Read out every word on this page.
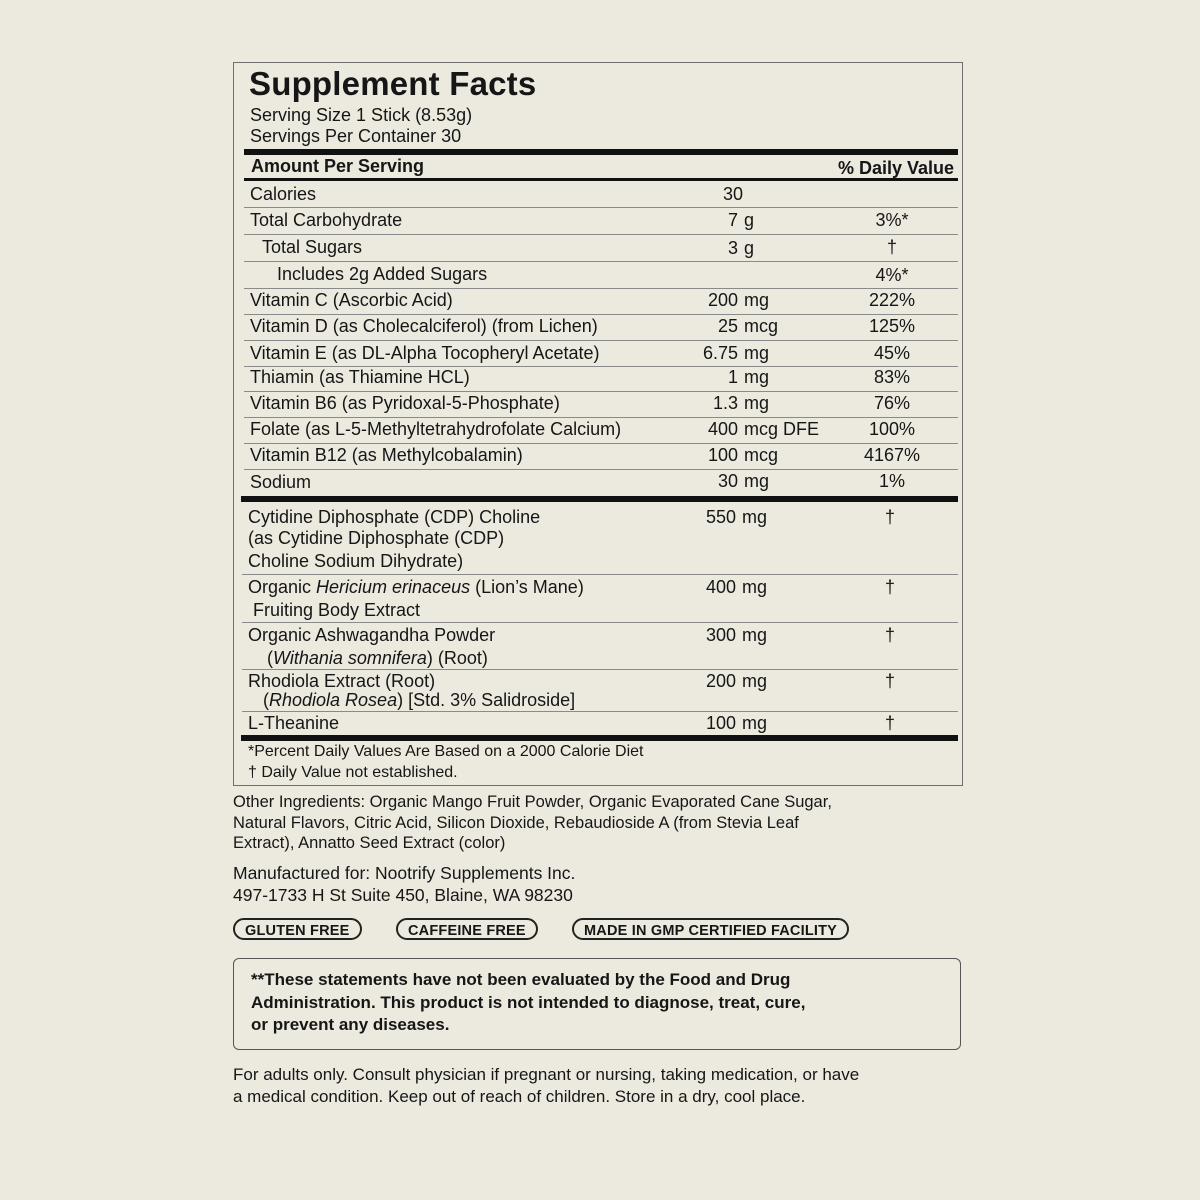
Supplement Facts
Serving Size 1 Stick (8.53g)
Servings Per Container 30
Amount Per Serving	% Daily Value
Calories	30
Total Carbohydrate	7 g	3%*
Total Sugars	3 g	†
Includes 2g Added Sugars	4%*
Vitamin C (Ascorbic Acid)	200 mg	222%
Vitamin D (as Cholecalciferol) (from Lichen)	25 mcg	125%
Vitamin E (as DL-Alpha Tocopheryl Acetate)	6.75 mg	45%
Thiamin (as Thiamine HCL)	1 mg	83%
Vitamin B6 (as Pyridoxal-5-Phosphate)	1.3 mg	76%
Folate (as L-5-Methyltetrahydrofolate Calcium)	400 mcg DFE	100%
Vitamin B12 (as Methylcobalamin)	100 mcg	4167%
Sodium	30 mg	1%
Cytidine Diphosphate (CDP) Choline
(as Cytidine Diphosphate (CDP)
Choline Sodium Dihydrate)
550 mg	†
Organic Hericium erinaceus (Lion’s Mane)
Fruiting Body Extract
400 mg	†
Organic Ashwagandha Powder
(Withania somnifera) (Root)
300 mg	†
Rhodiola Extract (Root)
(Rhodiola Rosea) [Std. 3% Salidroside]
200 mg	†
L-Theanine	100 mg	†
*Percent Daily Values Are Based on a 2000 Calorie Diet
† Daily Value not established.
Other Ingredients: Organic Mango Fruit Powder, Organic Evaporated Cane Sugar,
Natural Flavors, Citric Acid, Silicon Dioxide, Rebaudioside A (from Stevia Leaf
Extract), Annatto Seed Extract (color)
Manufactured for: Nootrify Supplements Inc.
497-1733 H St Suite 450, Blaine, WA 98230
GLUTEN FREE	CAFFEINE FREE	MADE IN GMP CERTIFIED FACILITY
**These statements have not been evaluated by the Food and Drug
Administration. This product is not intended to diagnose, treat, cure,
or prevent any diseases.
For adults only. Consult physician if pregnant or nursing, taking medication, or have
a medical condition. Keep out of reach of children. Store in a dry, cool place.
